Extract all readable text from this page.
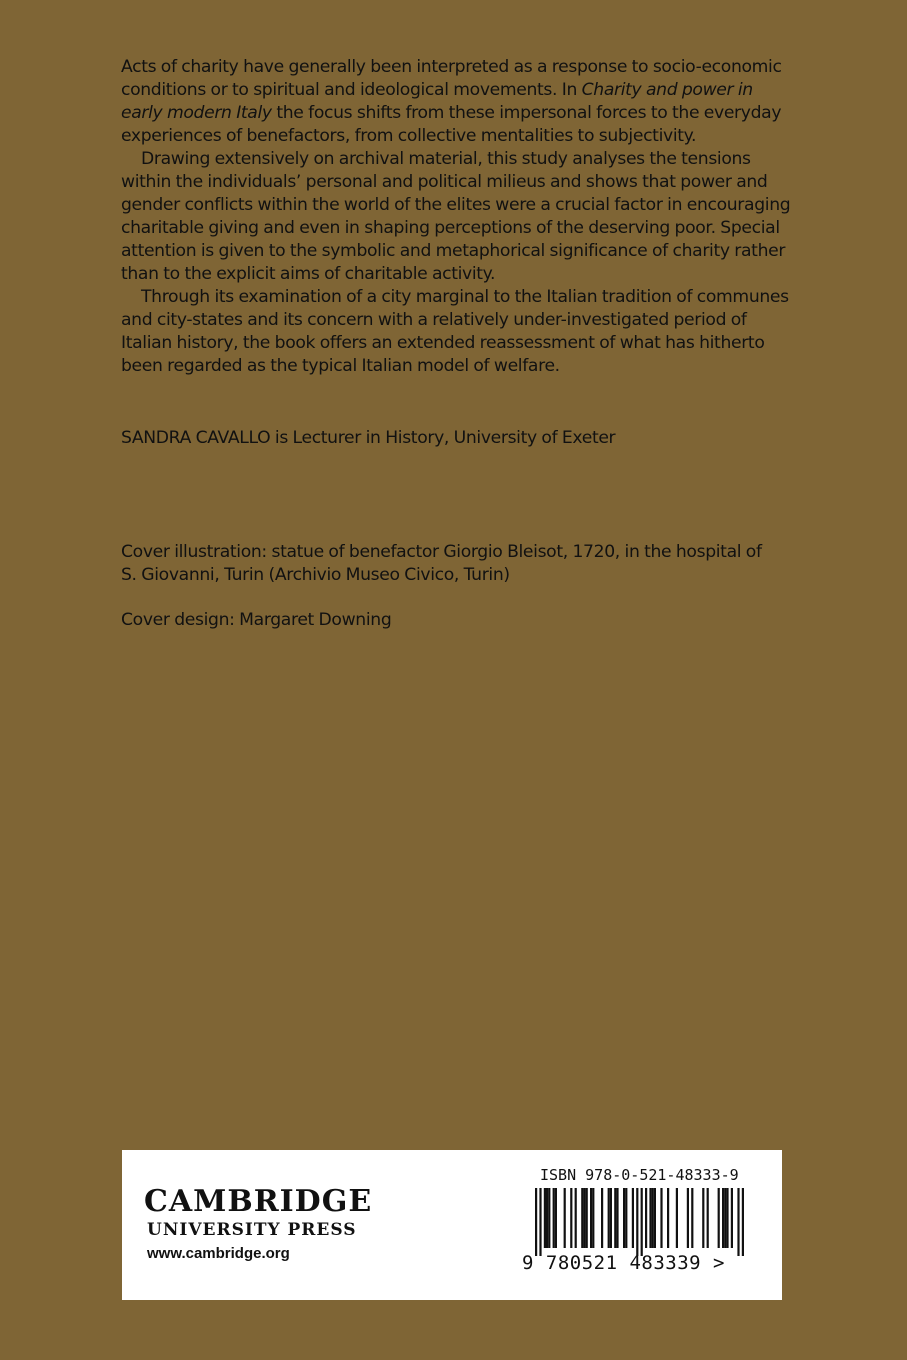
Acts of charity have generally been interpreted as a response to socio-economic conditions or to spiritual and ideological movements. In Charity and power in early modern Italy the focus shifts from these impersonal forces to the everyday experiences of benefactors, from collective mentalities to subjectivity.

Drawing extensively on archival material, this study analyses the tensions within the individuals’ personal and political milieus and shows that power and gender conflicts within the world of the elites were a crucial factor in encouraging charitable giving and even in shaping perceptions of the deserving poor. Special attention is given to the symbolic and metaphorical significance of charity rather than to the explicit aims of charitable activity.

Through its examination of a city marginal to the Italian tradition of communes and city-states and its concern with a relatively under-investigated period of Italian history, the book offers an extended reassessment of what has hitherto been regarded as the typical Italian model of welfare.

SANDRA CAVALLO is Lecturer in History, University of Exeter
Cover illustration: statue of benefactor Giorgio Bleisot, 1720, in the hospital of
S. Giovanni, Turin (Archivio Museo Civico, Turin)
Cover design: Margaret Downing
CAMBRIDGE
UNIVERSITY PRESS
www.cambridge.org
ISBN 978-0-521-48333-9
9 780521 483339 >
